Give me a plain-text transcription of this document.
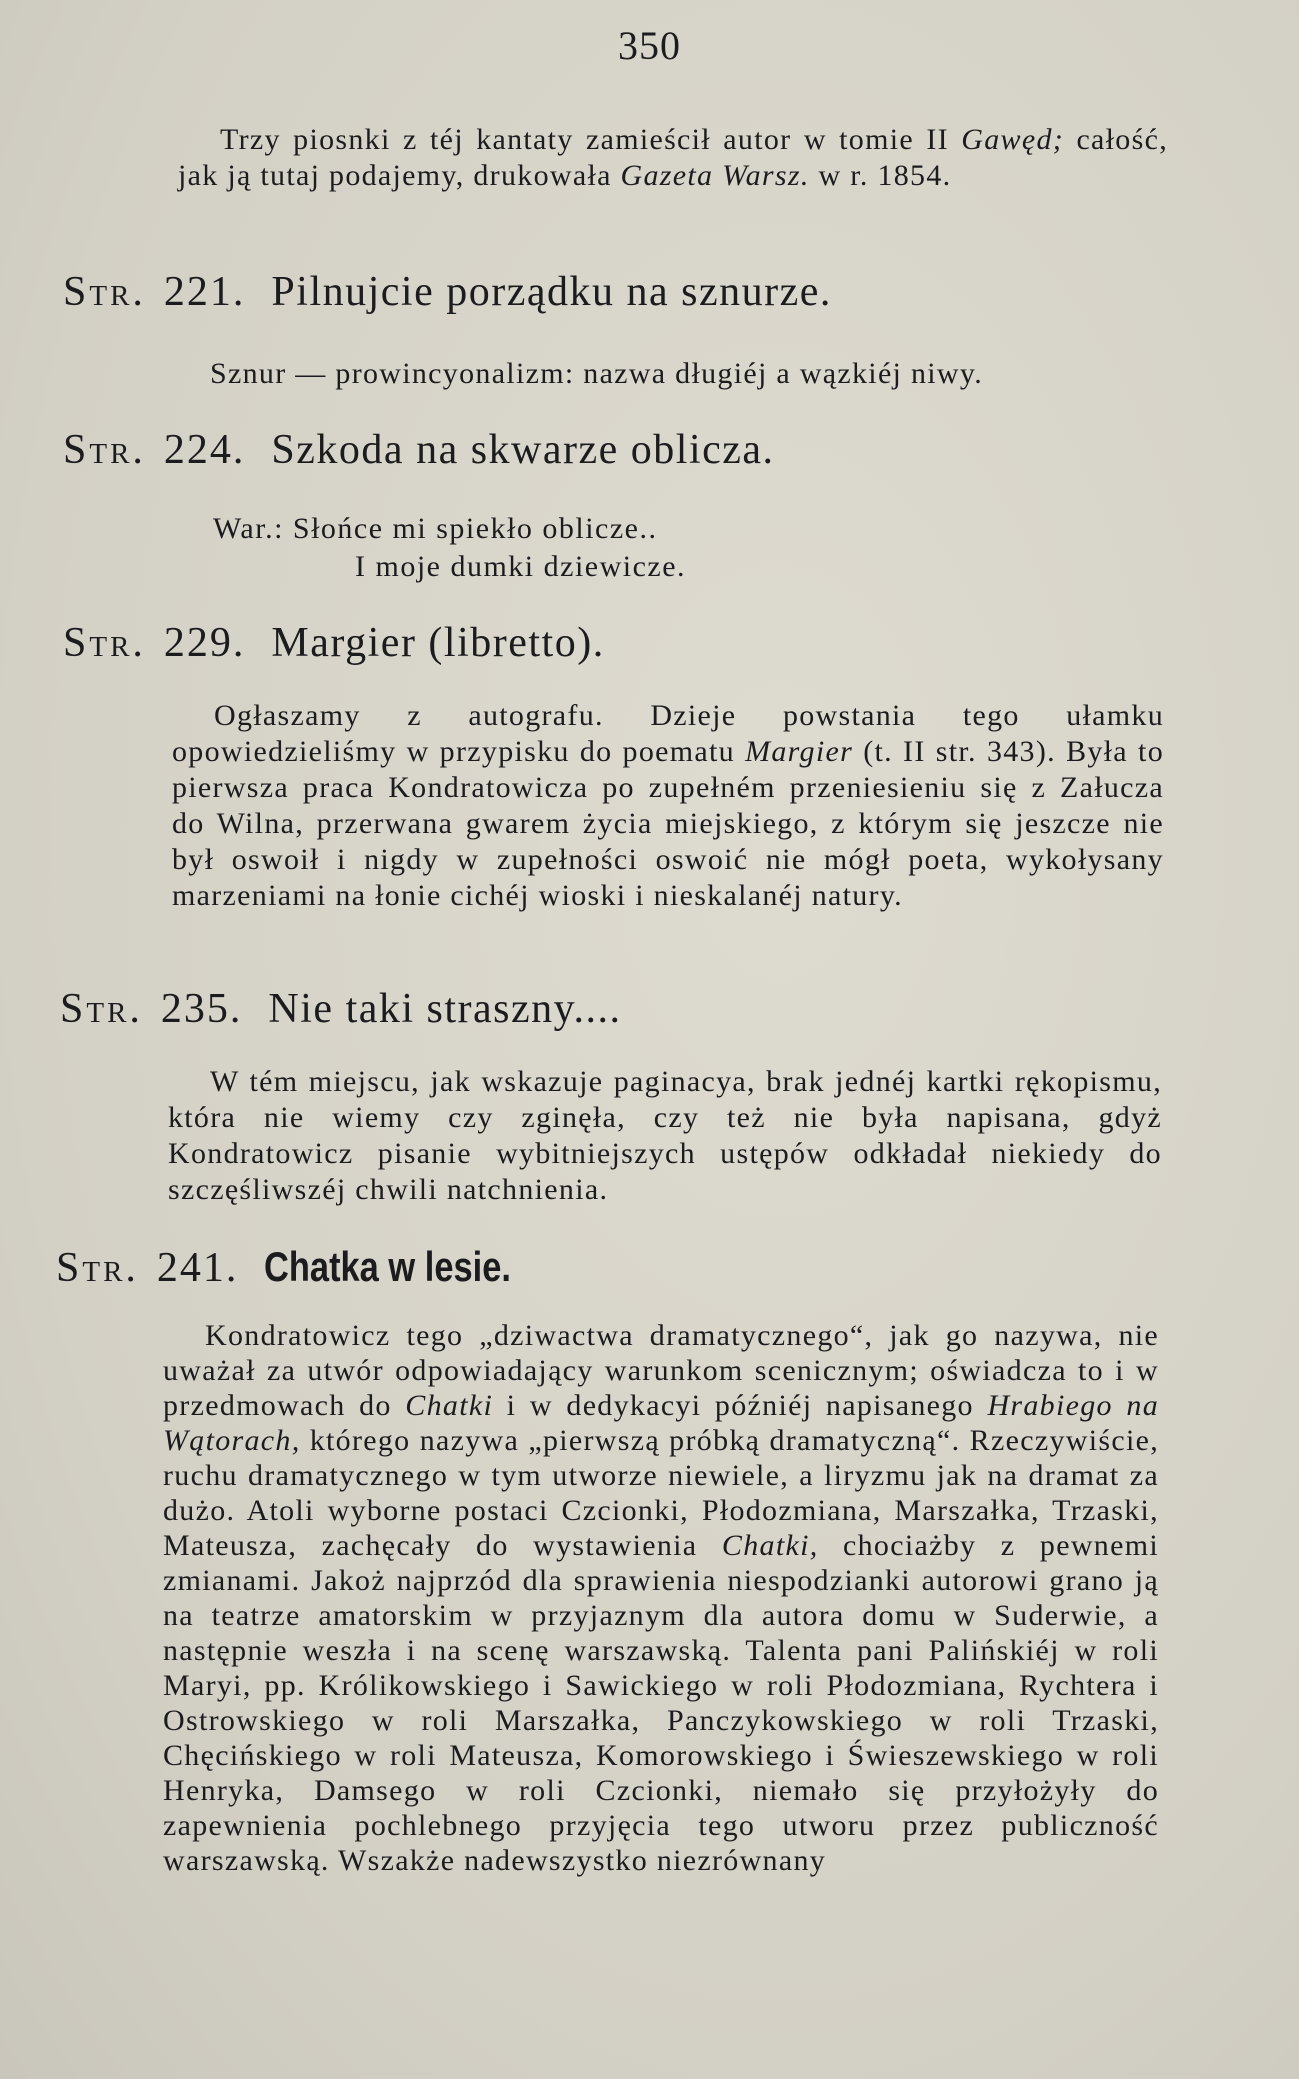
350

Trzy piosnki z téj kantaty zamieścił autor w tomie II Gawęd; całość, jak ją tutaj podajemy, drukowała Gazeta Warsz. w r. 1854.

Str. 221. Pilnujcie porządku na sznurze.

Sznur — prowincyonalizm: nazwa długiéj a wązkiéj niwy.

Str. 224. Szkoda na skwarze oblicza.
War.: Słońce mi spiekło oblicze..
I moje dumki dziewicze.
Str. 229. Margier (libretto).

Ogłaszamy z autografu. Dzieje powstania tego ułamku opowiedzieliśmy w przypisku do poematu Margier (t. II str. 343). Była to pierwsza praca Kondratowicza po zupełném przeniesieniu się z Załucza do Wilna, przerwana gwarem życia miejskiego, z którym się jeszcze nie był oswoił i nigdy w zupełności oswoić nie mógł poeta, wykołysany marzeniami na łonie cichéj wioski i nieskalanéj natury.

Str. 235. Nie taki straszny....

W tém miejscu, jak wskazuje paginacya, brak jednéj kartki rękopismu, która nie wiemy czy zginęła, czy też nie była napisana, gdyż Kondratowicz pisanie wybitniejszych ustępów odkładał niekiedy do szczęśliwszéj chwili natchnienia.

Str. 241. Chatka w lesie.

Kondratowicz tego „dziwactwa dramatycznego“, jak go nazywa, nie uważał za utwór odpowiadający warunkom scenicznym; oświadcza to i w przedmowach do Chatki i w dedykacyi późniéj napisanego Hrabiego na Wątorach, którego nazywa „pierwszą próbką dramatyczną“. Rzeczywiście, ruchu dramatycznego w tym utworze niewiele, a liryzmu jak na dramat za dużo. Atoli wyborne postaci Czcionki, Płodozmiana, Marszałka, Trzaski, Mateusza, zachęcały do wystawienia Chatki, chociażby z pewnemi zmianami. Jakoż najprzód dla sprawienia niespodzianki autorowi grano ją na teatrze amatorskim w przyjaznym dla autora domu w Suderwie, a następnie weszła i na scenę warszawską. Talenta pani Palińskiéj w roli Maryi, pp. Królikowskiego i Sawickiego w roli Płodozmiana, Rychtera i Ostrowskiego w roli Marszałka, Panczykowskiego w roli Trzaski, Chęcińskiego w roli Mateusza, Komorowskiego i Świeszewskiego w roli Henryka, Damsego w roli Czcionki, niemało się przyłożyły do zapewnienia pochlebnego przyjęcia tego utworu przez publiczność warszawską. Wszakże nadewszystko niezrównany
